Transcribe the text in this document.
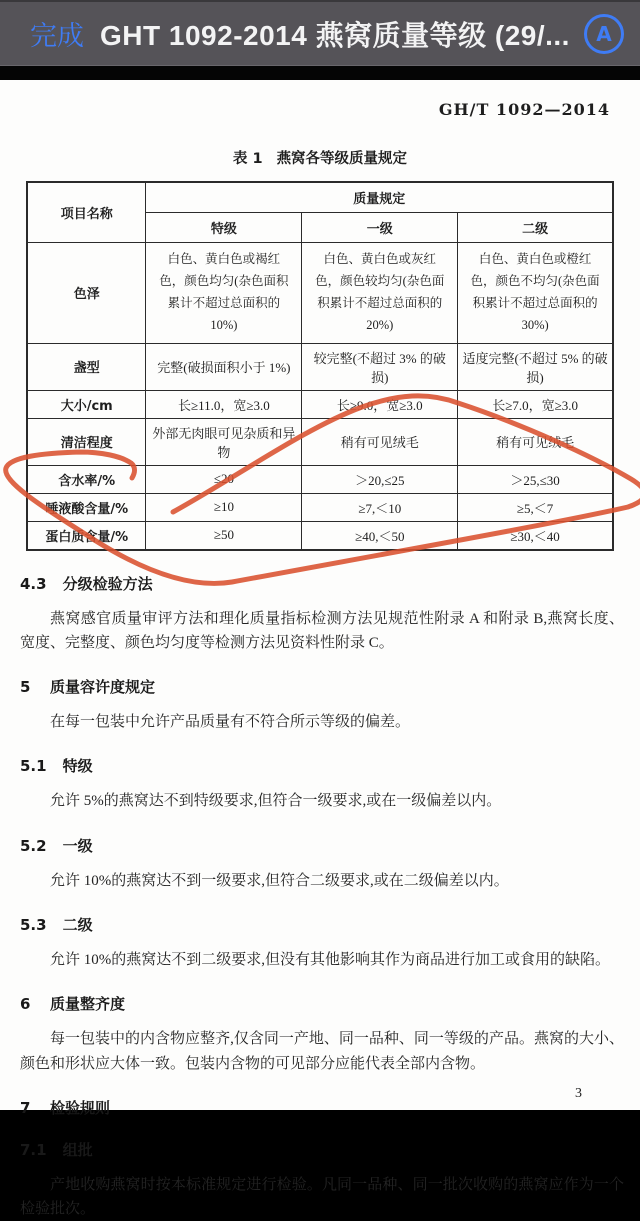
完成 GHT 1092-2014 燕窝质量等级 (29/...	A
GH/T 1092—2014
表 1 燕窝各等级质量规定
项目名称	质量规定		
	特级	一级	二级
色泽	白色、黄白色或褐红色，颜色均匀(杂色面积累计不超过总面积的 10%)	白色、黄白色或灰红色，颜色较均匀(杂色面积累计不超过总面积的 20%)	白色、黄白色或橙红色，颜色不均匀(杂色面积累计不超过总面积的 30%)
盏型	完整(破损面积小于 1%)	较完整(不超过 3% 的破损)	适度完整(不超过 5% 的破损)
大小/cm	长≥11.0，宽≥3.0	长≥9.0，宽≥3.0	长≥7.0，宽≥3.0
清洁程度	外部无肉眼可见杂质和异物	稍有可见绒毛	稍有可见绒毛
含水率/%	≤20	＞20,≤25	＞25,≤30
唾液酸含量/%	≥10	≥7,＜10	≥5,＜7
蛋白质含量/%	≥50	≥40,＜50	≥30,＜40
4.3 分级检验方法

燕窝感官质量审评方法和理化质量指标检测方法见规范性附录 A 和附录 B,燕窝长度、宽度、完整度、颜色均匀度等检测方法见资料性附录 C。

5 质量容许度规定

在每一包装中允许产品质量有不符合所示等级的偏差。

5.1 特级

允许 5%的燕窝达不到特级要求,但符合一级要求,或在一级偏差以内。

5.2 一级

允许 10%的燕窝达不到一级要求,但符合二级要求,或在二级偏差以内。

5.3 二级

允许 10%的燕窝达不到二级要求,但没有其他影响其作为商品进行加工或食用的缺陷。

6 质量整齐度

每一包装中的内含物应整齐,仅含同一产地、同一品种、同一等级的产品。燕窝的大小、颜色和形状应大体一致。包装内含物的可见部分应能代表全部内含物。

7 检验规则
7.1 组批

产地收购燕窝时按本标准规定进行检验。凡同一品种、同一批次收购的燕窝应作为一个检验批次。

3
